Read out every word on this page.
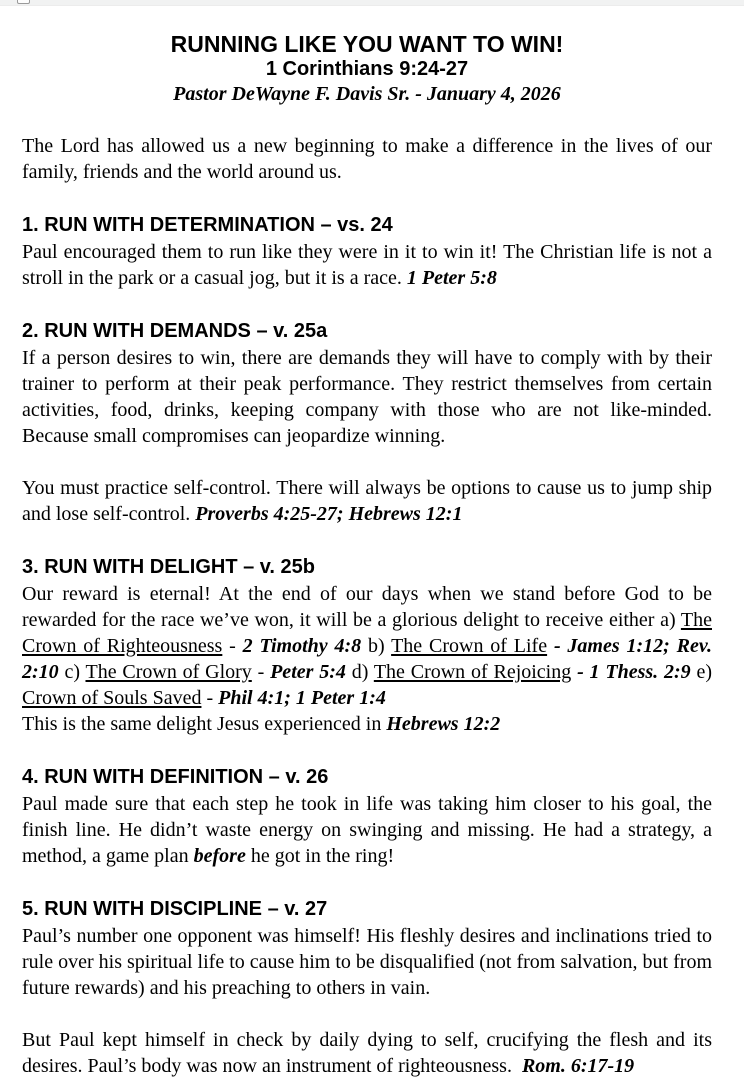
RUNNING LIKE YOU WANT TO WIN!
1 Corinthians 9:24-27
Pastor DeWayne F. Davis Sr. - January 4, 2026

The Lord has allowed us a new beginning to make a difference in the lives of our family, friends and the world around us.

1. RUN WITH DETERMINATION – vs. 24

Paul encouraged them to run like they were in it to win it! The Christian life is not a stroll in the park or a casual jog, but it is a race. 1 Peter 5:8

2. RUN WITH DEMANDS – v. 25a

If a person desires to win, there are demands they will have to comply with by their trainer to perform at their peak performance. They restrict themselves from certain activities, food, drinks, keeping company with those who are not like-minded. Because small compromises can jeopardize winning.

You must practice self-control. There will always be options to cause us to jump ship and lose self-control. Proverbs 4:25-27; Hebrews 12:1

3. RUN WITH DELIGHT – v. 25b

Our reward is eternal! At the end of our days when we stand before God to be rewarded for the race we’ve won, it will be a glorious delight to receive either a) The Crown of Righteousness - 2 Timothy 4:8 b) The Crown of Life - James 1:12; Rev. 2:10 c) The Crown of Glory - Peter 5:4 d) The Crown of Rejoicing - 1 Thess. 2:9 e) Crown of Souls Saved - Phil 4:1; 1 Peter 1:4

This is the same delight Jesus experienced in Hebrews 12:2

4. RUN WITH DEFINITION – v. 26

Paul made sure that each step he took in life was taking him closer to his goal, the finish line. He didn’t waste energy on swinging and missing. He had a strategy, a method, a game plan before he got in the ring!

5. RUN WITH DISCIPLINE – v. 27

Paul’s number one opponent was himself! His fleshly desires and inclinations tried to rule over his spiritual life to cause him to be disqualified (not from salvation, but from future rewards) and his preaching to others in vain.

But Paul kept himself in check by daily dying to self, crucifying the flesh and its desires. Paul’s body was now an instrument of righteousness.  Rom. 6:17-19
